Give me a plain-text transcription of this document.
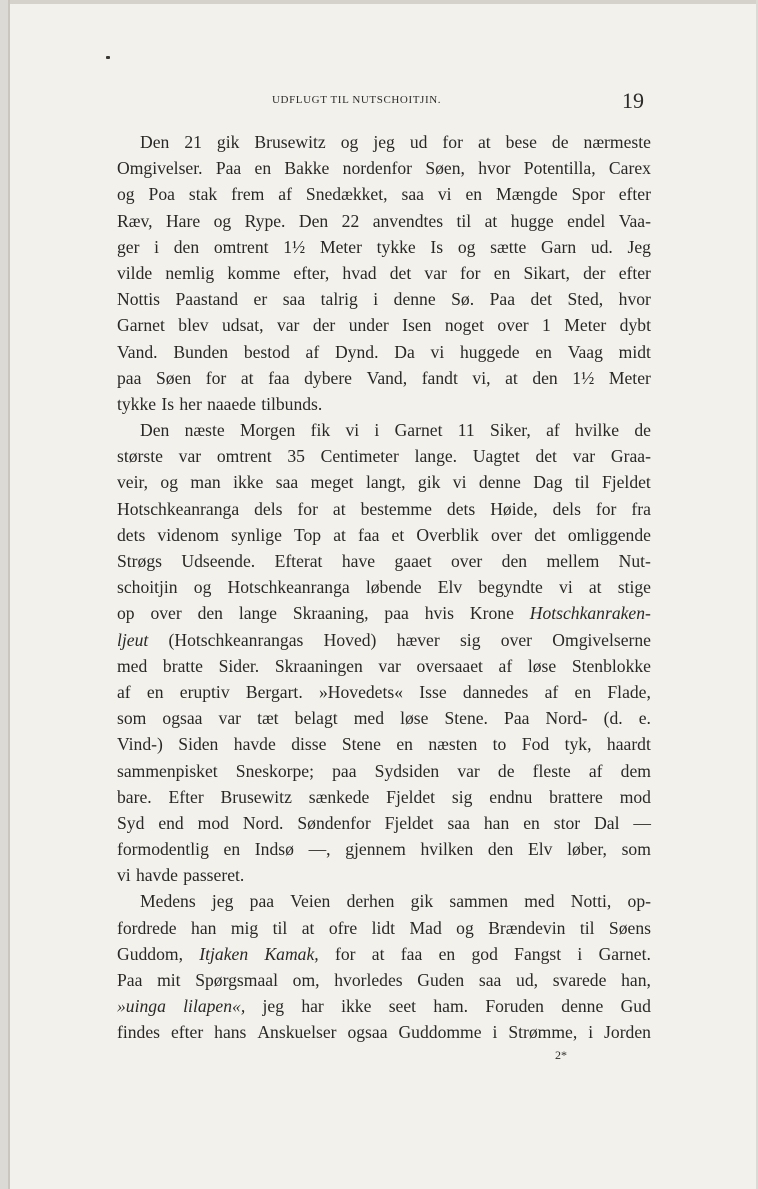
UDFLUGT TIL NUTSCHOITJIN.	19
Den 21 gik Brusewitz og jeg ud for at bese de nærmeste
Omgivelser. Paa en Bakke nordenfor Søen, hvor Potentilla, Carex
og Poa stak frem af Snedækket, saa vi en Mængde Spor efter
Ræv, Hare og Rype. Den 22 anvendtes til at hugge endel Vaa-
ger i den omtrent 1½ Meter tykke Is og sætte Garn ud. Jeg
vilde nemlig komme efter, hvad det var for en Sikart, der efter
Nottis Paastand er saa talrig i denne Sø. Paa det Sted, hvor
Garnet blev udsat, var der under Isen noget over 1 Meter dybt
Vand. Bunden bestod af Dynd. Da vi huggede en Vaag midt
paa Søen for at faa dybere Vand, fandt vi, at den 1½ Meter
tykke Is her naaede tilbunds.
Den næste Morgen fik vi i Garnet 11 Siker, af hvilke de
største var omtrent 35 Centimeter lange. Uagtet det var Graa-
veir, og man ikke saa meget langt, gik vi denne Dag til Fjeldet
Hotschkeanranga dels for at bestemme dets Høide, dels for fra
dets videnom synlige Top at faa et Overblik over det omliggende
Strøgs Udseende. Efterat have gaaet over den mellem Nut-
schoitjin og Hotschkeanranga løbende Elv begyndte vi at stige
op over den lange Skraaning, paa hvis Krone Hotschkanraken-
ljeut (Hotschkeanrangas Hoved) hæver sig over Omgivelserne
med bratte Sider. Skraaningen var oversaaet af løse Stenblokke
af en eruptiv Bergart. »Hovedets« Isse dannedes af en Flade,
som ogsaa var tæt belagt med løse Stene. Paa Nord- (d. e.
Vind-) Siden havde disse Stene en næsten to Fod tyk, haardt
sammenpisket Sneskorpe; paa Sydsiden var de fleste af dem
bare. Efter Brusewitz sænkede Fjeldet sig endnu brattere mod
Syd end mod Nord. Søndenfor Fjeldet saa han en stor Dal —
formodentlig en Indsø —, gjennem hvilken den Elv løber, som
vi havde passeret.
Medens jeg paa Veien derhen gik sammen med Notti, op-
fordrede han mig til at ofre lidt Mad og Brændevin til Søens
Guddom, Itjaken Kamak, for at faa en god Fangst i Garnet.
Paa mit Spørgsmaal om, hvorledes Guden saa ud, svarede han,
»uinga lilapen«, jeg har ikke seet ham. Foruden denne Gud
findes efter hans Anskuelser ogsaa Guddomme i Strømme, i Jorden
2*
